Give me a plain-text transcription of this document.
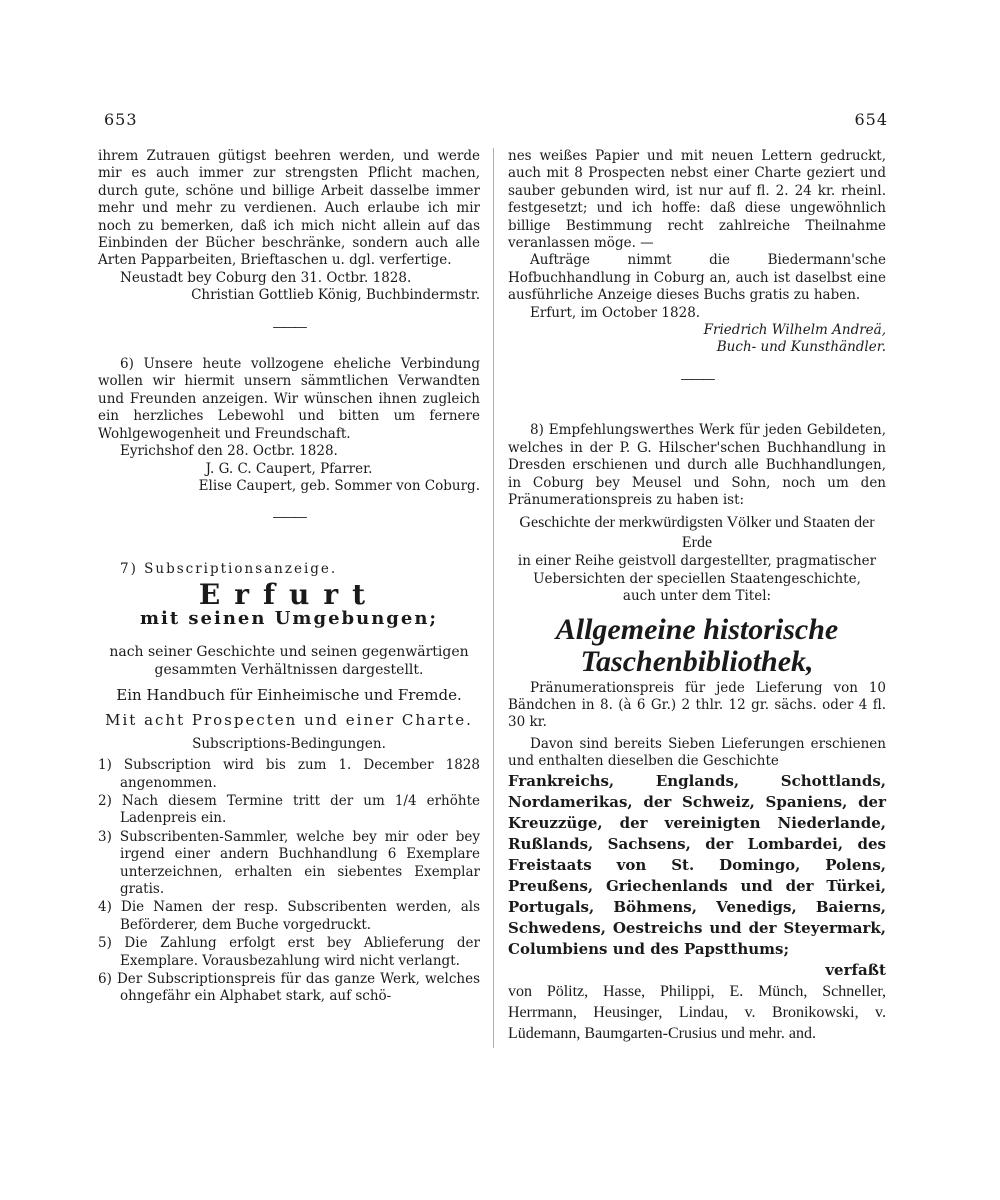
653	654

ihrem Zutrauen gütigst beehren werden, und werde mir es auch immer zur strengsten Pflicht machen, durch gute, schöne und billige Arbeit dasselbe immer mehr und mehr zu verdienen. Auch erlaube ich mir noch zu bemerken, daß ich mich nicht allein auf das Einbinden der Bücher beschränke, sondern auch alle Arten Papparbeiten, Brieftaschen u. dgl. verfertige.

Neustadt bey Coburg den 31. Octbr. 1828.

Christian Gottlieb König, Buchbindermstr.

———

6) Unsere heute vollzogene eheliche Verbindung wollen wir hiermit unsern sämmtlichen Verwandten und Freunden anzeigen. Wir wünschen ihnen zugleich ein herzliches Lebewohl und bitten um fernere Wohlgewogenheit und Freundschaft.

Eyrichshof den 28. Octbr. 1828.

J. G. C. Caupert, Pfarrer.

Elise Caupert, geb. Sommer von Coburg.

———

7) Subscriptionsanzeige.

Erfurt
mit seinen Umgebungen;
nach seiner Geschichte und seinen gegenwärtigen gesammten Verhältnissen dargestellt.
Ein Handbuch für Einheimische und Fremde.
Mit acht Prospecten und einer Charte.
Subscriptions-Bedingungen.

1) Subscription wird bis zum 1. December 1828 angenommen.

2) Nach diesem Termine tritt der um 1/4 erhöhte Ladenpreis ein.

3) Subscribenten-Sammler, welche bey mir oder bey irgend einer andern Buchhandlung 6 Exemplare unterzeichnen, erhalten ein siebentes Exemplar gratis.

4) Die Namen der resp. Subscribenten werden, als Beförderer, dem Buche vorgedruckt.

5) Die Zahlung erfolgt erst bey Ablieferung der Exemplare. Vorausbezahlung wird nicht verlangt.

6) Der Subscriptionspreis für das ganze Werk, welches ohngefähr ein Alphabet stark, auf schö-

nes weißes Papier und mit neuen Lettern gedruckt, auch mit 8 Prospecten nebst einer Charte geziert und sauber gebunden wird, ist nur auf fl. 2. 24 kr. rheinl. festgesetzt; und ich hoffe: daß diese ungewöhnlich billige Bestimmung recht zahlreiche Theilnahme veranlassen möge. —

Aufträge nimmt die Biedermann'sche Hofbuchhandlung in Coburg an, auch ist daselbst eine ausführliche Anzeige dieses Buchs gratis zu haben.

Erfurt, im October 1828.

Friedrich Wilhelm Andreä,

Buch- und Kunsthändler.

———

8) Empfehlungswerthes Werk für jeden Gebildeten, welches in der P. G. Hilscher'schen Buchhandlung in Dresden erschienen und durch alle Buchhandlungen, in Coburg bey Meusel und Sohn, noch um den Pränumerationspreis zu haben ist:

Geschichte der merkwürdigsten Völker und Staaten der Erde
in einer Reihe geistvoll dargestellter, pragmatischer Uebersichten der speciellen Staatengeschichte,
auch unter dem Titel:
Allgemeine historische Taschenbibliothek,

Pränumerationspreis für jede Lieferung von 10 Bändchen in 8. (à 6 Gr.) 2 thlr. 12 gr. sächs. oder 4 fl. 30 kr.

Davon sind bereits Sieben Lieferungen erschienen und enthalten dieselben die Geschichte

Frankreichs, Englands, Schottlands, Nordamerikas, der Schweiz, Spaniens, der Kreuzzüge, der vereinigten Niederlande, Rußlands, Sachsens, der Lombardei, des Freistaats von St. Domingo, Polens, Preußens, Griechenlands und der Türkei, Portugals, Böhmens, Venedigs, Baierns, Schwedens, Oestreichs und der Steyermark, Columbiens und des Papstthums;

verfaßt

von Pölitz, Hasse, Philippi, E. Münch, Schneller, Herrmann, Heusinger, Lindau, v. Bronikowski, v. Lüdemann, Baumgarten-Crusius und mehr. and.
